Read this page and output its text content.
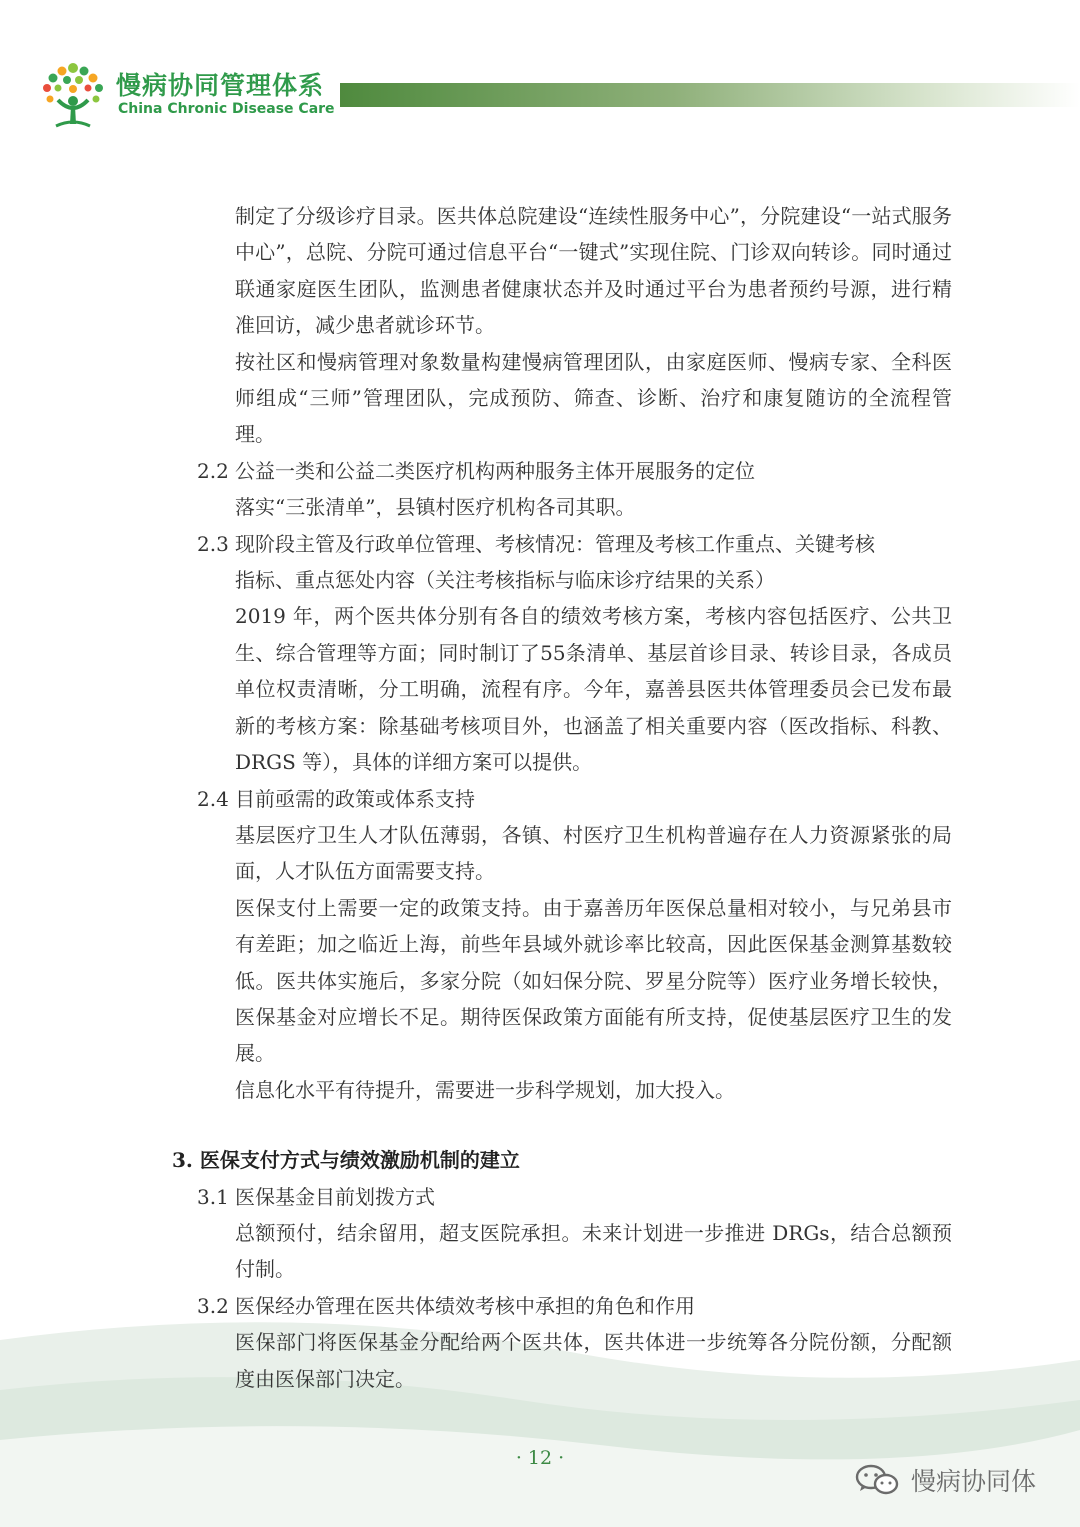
慢病协同管理体系
China Chronic Disease Care
制定了分级诊疗目录。医共体总院建设“连续性服务中心”，分院建设“一站式服务中心”，总院、分院可通过信息平台“一键式”实现住院、门诊双向转诊。同时通过联通家庭医生团队，监测患者健康状态并及时通过平台为患者预约号源，进行精准回访，减少患者就诊环节。
按社区和慢病管理对象数量构建慢病管理团队，由家庭医师、慢病专家、全科医师组成“三师”管理团队，完成预防、筛查、诊断、治疗和康复随访的全流程管理。
2.2 公益一类和公益二类医疗机构两种服务主体开展服务的定位
落实“三张清单”，县镇村医疗机构各司其职。
2.3 现阶段主管及行政单位管理、考核情况：管理及考核工作重点、关键考核
指标、重点惩处内容（关注考核指标与临床诊疗结果的关系）
2019 年，两个医共体分别有各自的绩效考核方案，考核内容包括医疗、公共卫生、综合管理等方面；同时制订了55条清单、基层首诊目录、转诊目录，各成员单位权责清晰，分工明确，流程有序。今年，嘉善县医共体管理委员会已发布最新的考核方案：除基础考核项目外，也涵盖了相关重要内容（医改指标、科教、DRGS 等），具体的详细方案可以提供。
2.4 目前亟需的政策或体系支持
基层医疗卫生人才队伍薄弱，各镇、村医疗卫生机构普遍存在人力资源紧张的局面，人才队伍方面需要支持。
医保支付上需要一定的政策支持。由于嘉善历年医保总量相对较小，与兄弟县市有差距；加之临近上海，前些年县域外就诊率比较高，因此医保基金测算基数较低。医共体实施后，多家分院（如妇保分院、罗星分院等）医疗业务增长较快，医保基金对应增长不足。期待医保政策方面能有所支持，促使基层医疗卫生的发展。
信息化水平有待提升，需要进一步科学规划，加大投入。
3. 医保支付方式与绩效激励机制的建立
3.1 医保基金目前划拨方式
总额预付，结余留用，超支医院承担。未来计划进一步推进 DRGs，结合总额预付制。
3.2 医保经办管理在医共体绩效考核中承担的角色和作用
医保部门将医保基金分配给两个医共体，医共体进一步统筹各分院份额，分配额度由医保部门决定。
· 12 ·
慢病协同体
